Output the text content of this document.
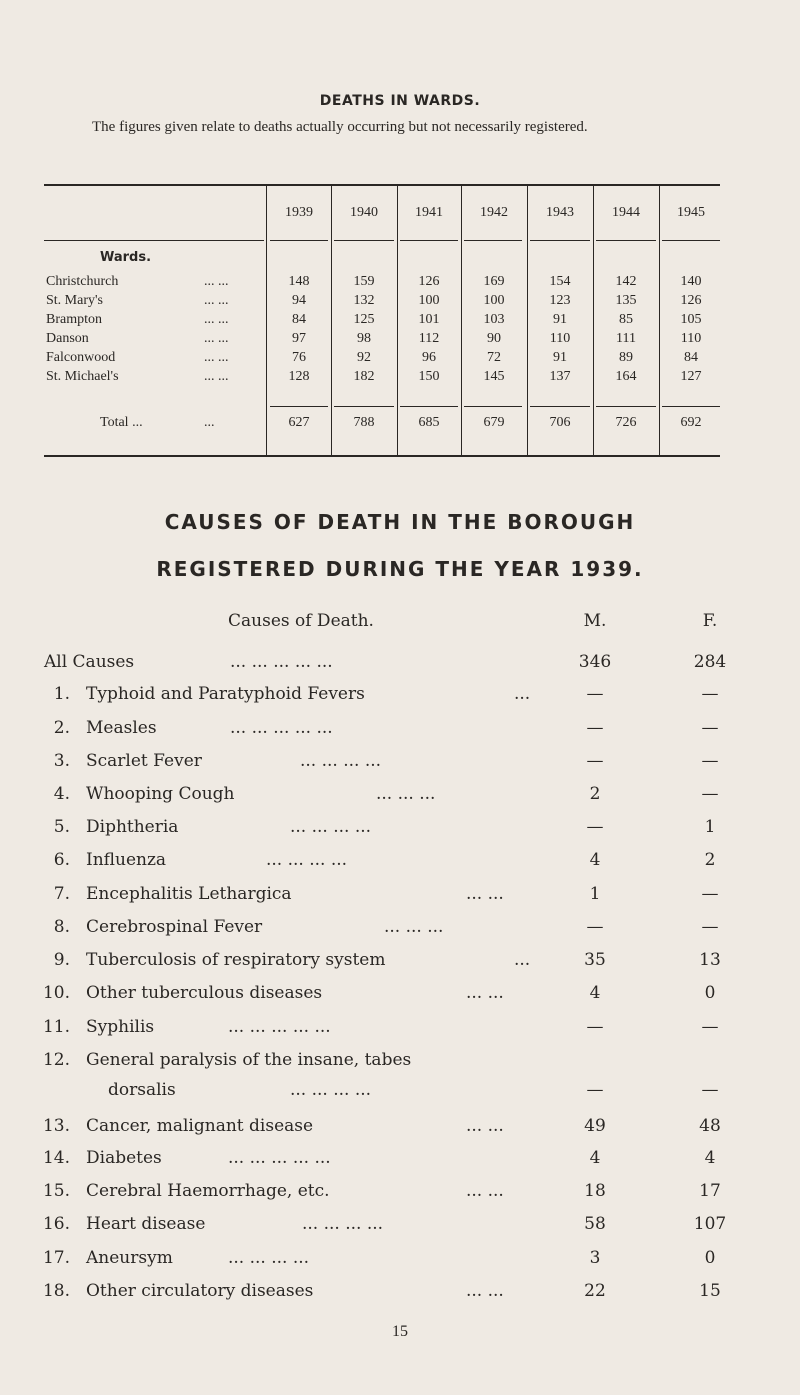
DEATHS IN WARDS.
The figures given relate to deaths actually occurring but not necessarily registered.
1939	1940	1941	1942	1943	1944	1945
Wards.
Christchurch	... ...	148	159	126	169	154	142	140
St. Mary's	... ...	94	132	100	100	123	135	126
Brampton	... ...	84	125	101	103	91	85	105
Danson	... ...	97	98	112	90	110	111	110
Falconwood	... ...	76	92	96	72	91	89	84
St. Michael's	... ...	128	182	150	145	137	164	127
Total ...	...	627	788	685	679	706	726	692
CAUSES OF DEATH IN THE BOROUGH
REGISTERED DURING THE YEAR 1939.
Causes of Death.	M.	F.
All Causes	... ... ... ... ...	346	284
1. Typhoid and Paratyphoid Fevers	...	—	—
2. Measles	... ... ... ... ...	—	—
3. Scarlet Fever	... ... ... ...	—	—
4. Whooping Cough	... ... ...	2	—
5. Diphtheria	... ... ... ...	—	1
6. Influenza	... ... ... ...	4	2
7. Encephalitis Lethargica	... ...	1	—
8. Cerebrospinal Fever	... ... ...	—	—
9. Tuberculosis of respiratory system	...	35	13
10. Other tuberculous diseases	... ...	4	0
11. Syphilis	... ... ... ... ...	—	—
12. General paralysis of the insane, tabes
dorsalis	... ... ... ...	—	—
13. Cancer, malignant disease	... ...	49	48
14. Diabetes	... ... ... ... ...	4	4
15. Cerebral Haemorrhage, etc.	... ...	18	17
16. Heart disease	... ... ... ...	58	107
17. Aneursym	... ... ... ...	3	0
18. Other circulatory diseases	... ...	22	15
15
